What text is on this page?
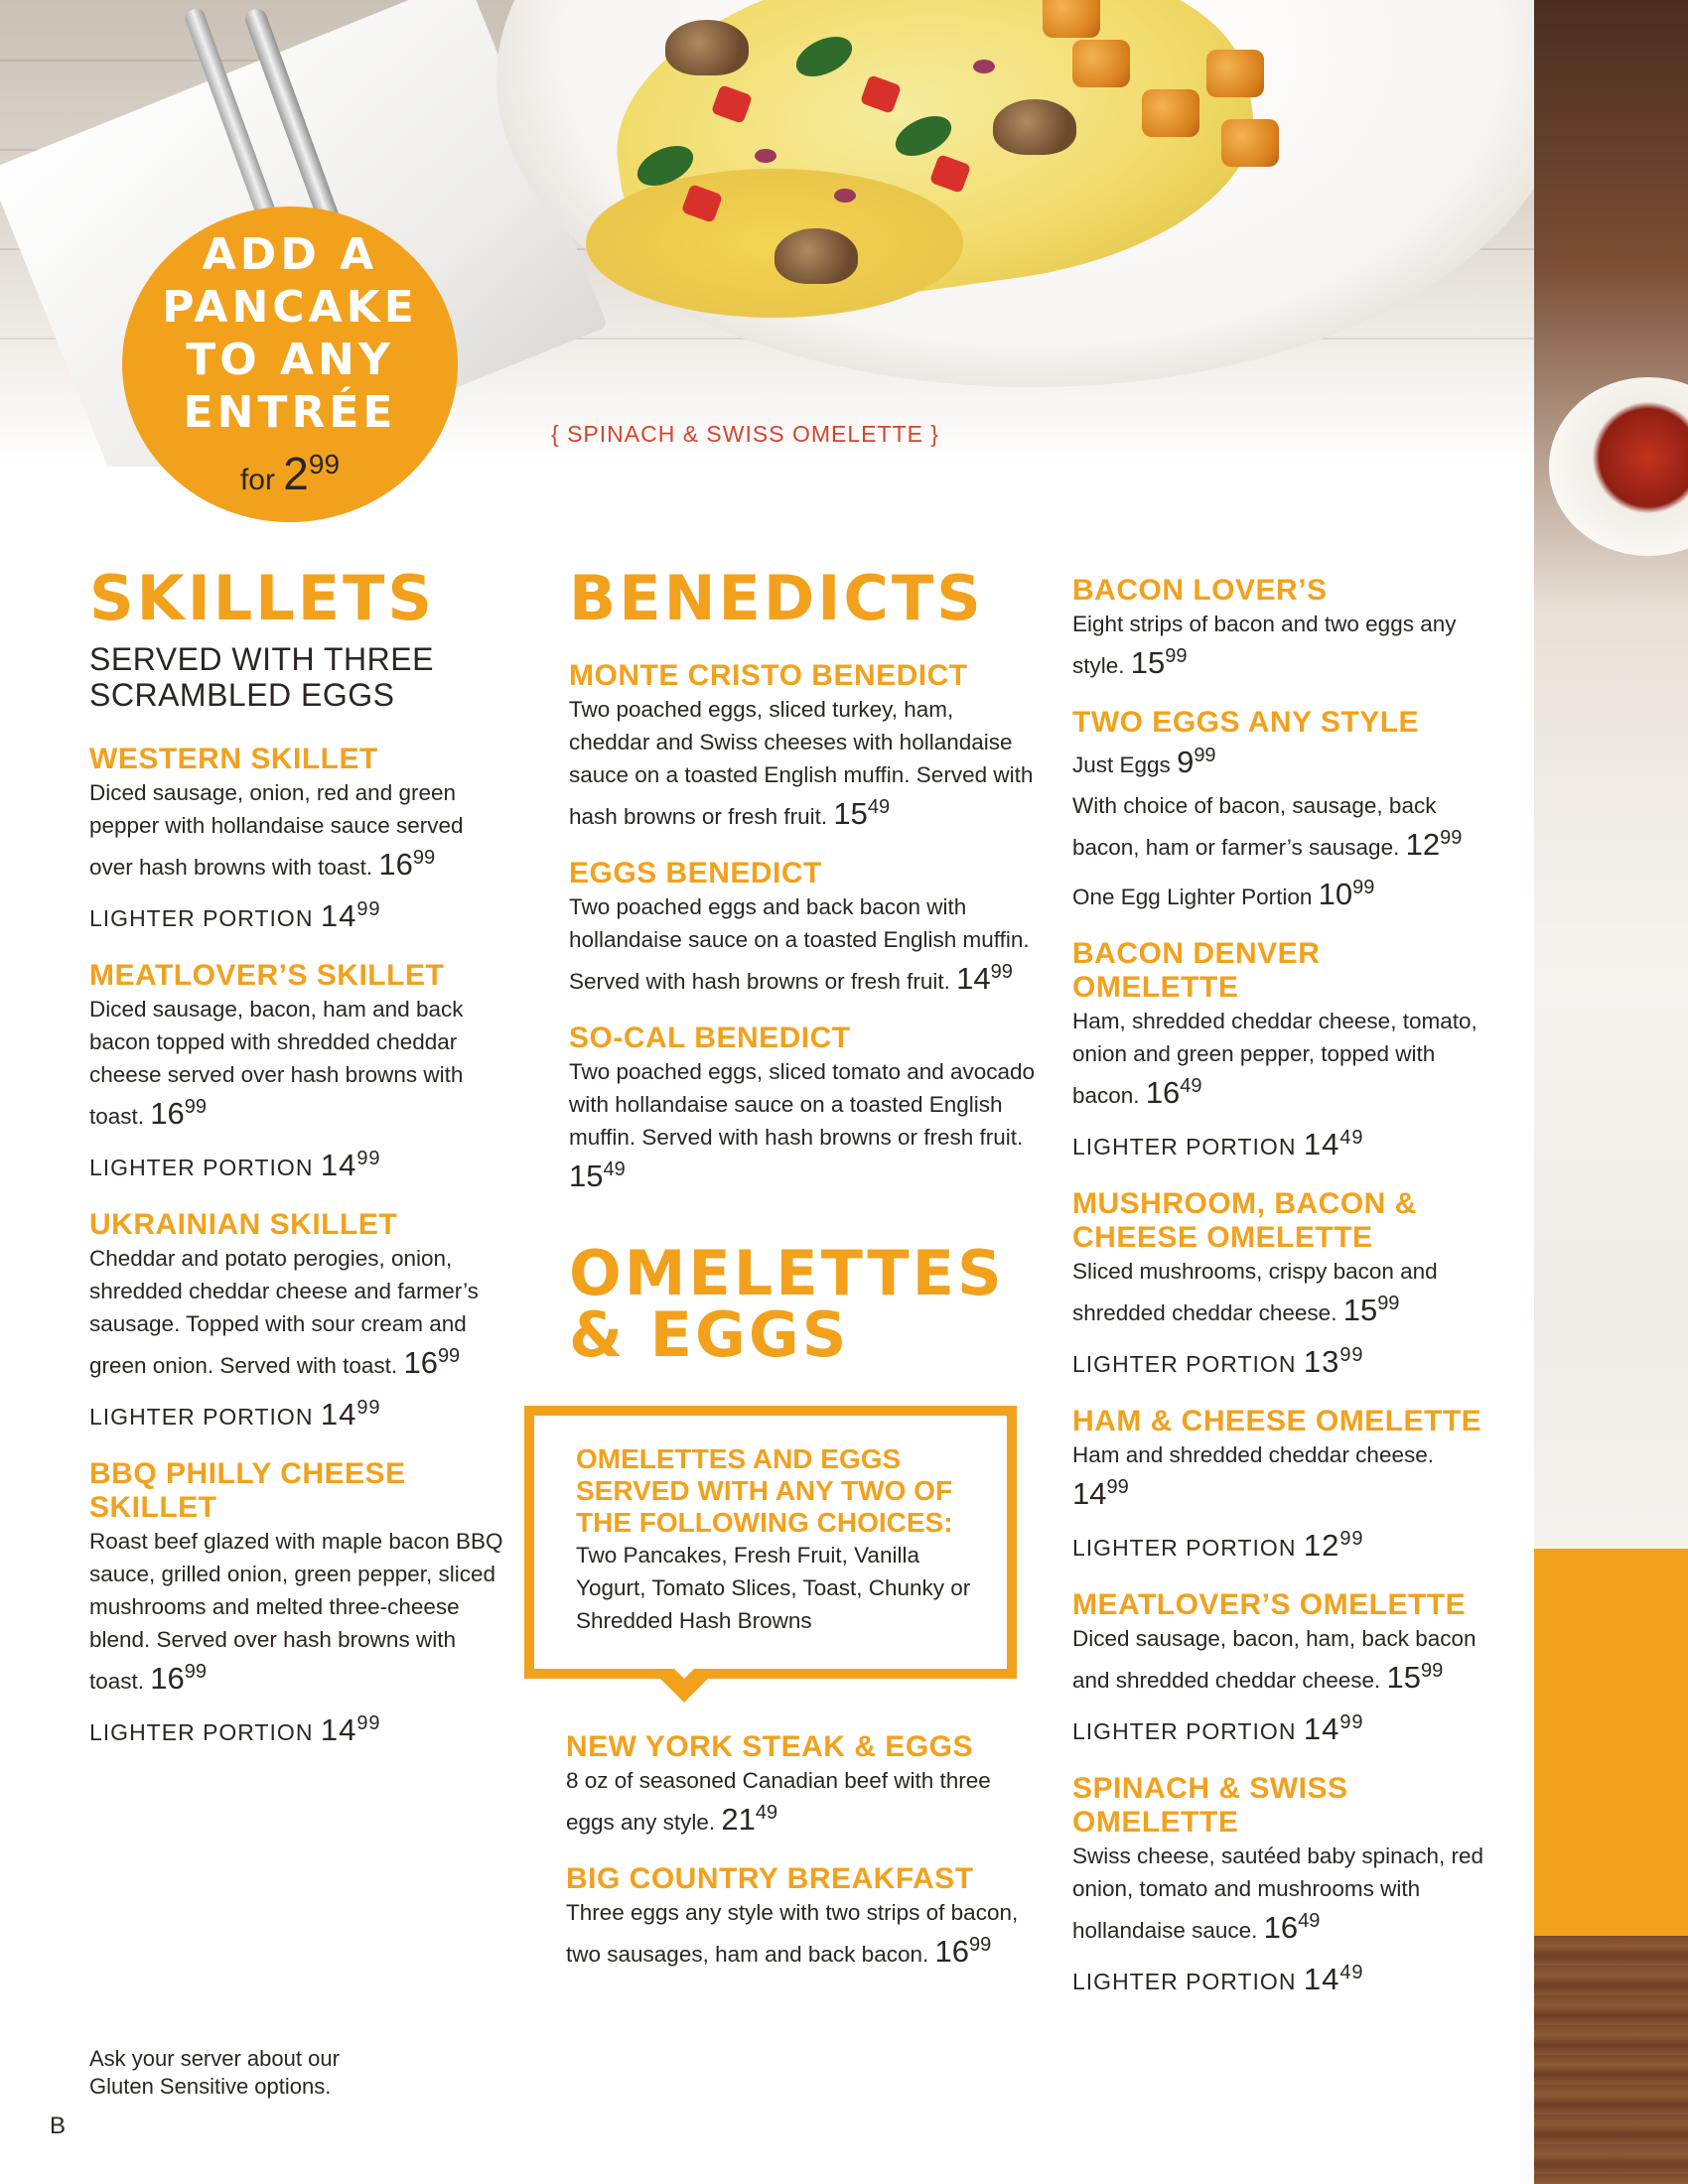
ADD A
PANCAKE
TO ANY
ENTRÉE
for $2^{99}$
{ SPINACH & SWISS OMELETTE }
SKILLETS
SERVED WITH THREE
SCRAMBLED EGGS
WESTERN SKILLET
Diced sausage, onion, red and green pepper with hollandaise sauce served over hash browns with toast. $16^{99}$
LIGHTER PORTION $14^{99}$
MEATLOVER’S SKILLET
Diced sausage, bacon, ham and back bacon topped with shredded cheddar cheese served over hash browns with toast. $16^{99}$
LIGHTER PORTION $14^{99}$
UKRAINIAN SKILLET
Cheddar and potato perogies, onion, shredded cheddar cheese and farmer’s sausage. Topped with sour cream and green onion. Served with toast. $16^{99}$
LIGHTER PORTION $14^{99}$
BBQ PHILLY CHEESE SKILLET
Roast beef glazed with maple bacon BBQ sauce, grilled onion, green pepper, sliced mushrooms and melted three-cheese blend. Served over hash browns with toast. $16^{99}$
LIGHTER PORTION $14^{99}$
BENEDICTS
MONTE CRISTO BENEDICT
Two poached eggs, sliced turkey, ham, cheddar and Swiss cheeses with hollandaise sauce on a toasted English muffin. Served with hash browns or fresh fruit. $15^{49}$
EGGS BENEDICT
Two poached eggs and back bacon with hollandaise sauce on a toasted English muffin. Served with hash browns or fresh fruit. $14^{99}$
SO-CAL BENEDICT
Two poached eggs, sliced tomato and avocado with hollandaise sauce on a toasted English muffin. Served with hash browns or fresh fruit. $15^{49}$
OMELETTES
& EGGS
OMELETTES AND EGGS SERVED WITH ANY TWO OF THE FOLLOWING CHOICES:
Two Pancakes, Fresh Fruit, Vanilla Yogurt, Tomato Slices, Toast, Chunky or Shredded Hash Browns
NEW YORK STEAK & EGGS
8 oz of seasoned Canadian beef with three eggs any style. $21^{49}$
BIG COUNTRY BREAKFAST
Three eggs any style with two strips of bacon, two sausages, ham and back bacon. $16^{99}$
BACON LOVER’S
Eight strips of bacon and two eggs any style. $15^{99}$
TWO EGGS ANY STYLE
Just Eggs $9^{99}$
With choice of bacon, sausage, back bacon, ham or farmer’s sausage. $12^{99}$
One Egg Lighter Portion $10^{99}$
BACON DENVER OMELETTE
Ham, shredded cheddar cheese, tomato, onion and green pepper, topped with bacon. $16^{49}$
LIGHTER PORTION $14^{49}$
MUSHROOM, BACON & CHEESE OMELETTE
Sliced mushrooms, crispy bacon and shredded cheddar cheese. $15^{99}$
LIGHTER PORTION $13^{99}$
HAM & CHEESE OMELETTE
Ham and shredded cheddar cheese. $14^{99}$
LIGHTER PORTION $12^{99}$
MEATLOVER’S OMELETTE
Diced sausage, bacon, ham, back bacon and shredded cheddar cheese. $15^{99}$
LIGHTER PORTION $14^{99}$
SPINACH & SWISS OMELETTE
Swiss cheese, sautéed baby spinach, red onion, tomato and mushrooms with hollandaise sauce. $16^{49}$
LIGHTER PORTION $14^{49}$
Ask your server about our
Gluten Sensitive options.
B
